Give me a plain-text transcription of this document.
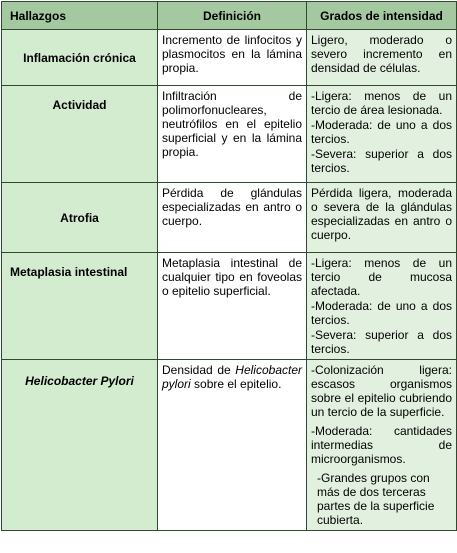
Hallazgos	Definición	Grados de intensidad
Inflamación crónica	Incremento de linfocitos y plasmocitos en la lámina propia.	Ligero, moderado o severo incremento en densidad de células.

Actividad	Infiltración de polimorfonucleares, neutrófilos en el epitelio superficial y en la lámina propia.	-Ligera: menos de un tercio de área lesionada.
-Moderada: de uno a dos tercios.
-Severa: superior a dos tercios.

Atrofia	Pérdida de glándulas especializadas en antro o cuerpo.	Pérdida ligera, moderada o severa de la glándulas especializadas en antro o cuerpo.

Metaplasia intestinal	Metaplasia intestinal de cualquier tipo en foveolas o epitelio superficial.	-Ligera: menos de un tercio de mucosa afectada.
-Moderada: de uno a dos tercios.
-Severa: superior a dos tercios.

Helicobacter Pylori	Densidad de Helicobacter pylori sobre el epitelio.	-Colonización ligera: escasos organismos sobre el epitelio cubriendo un tercio de la superficie.
-Moderada: cantidades intermedias de microorganismos.
-Grandes grupos con más de dos terceras partes de la superficie cubierta.
